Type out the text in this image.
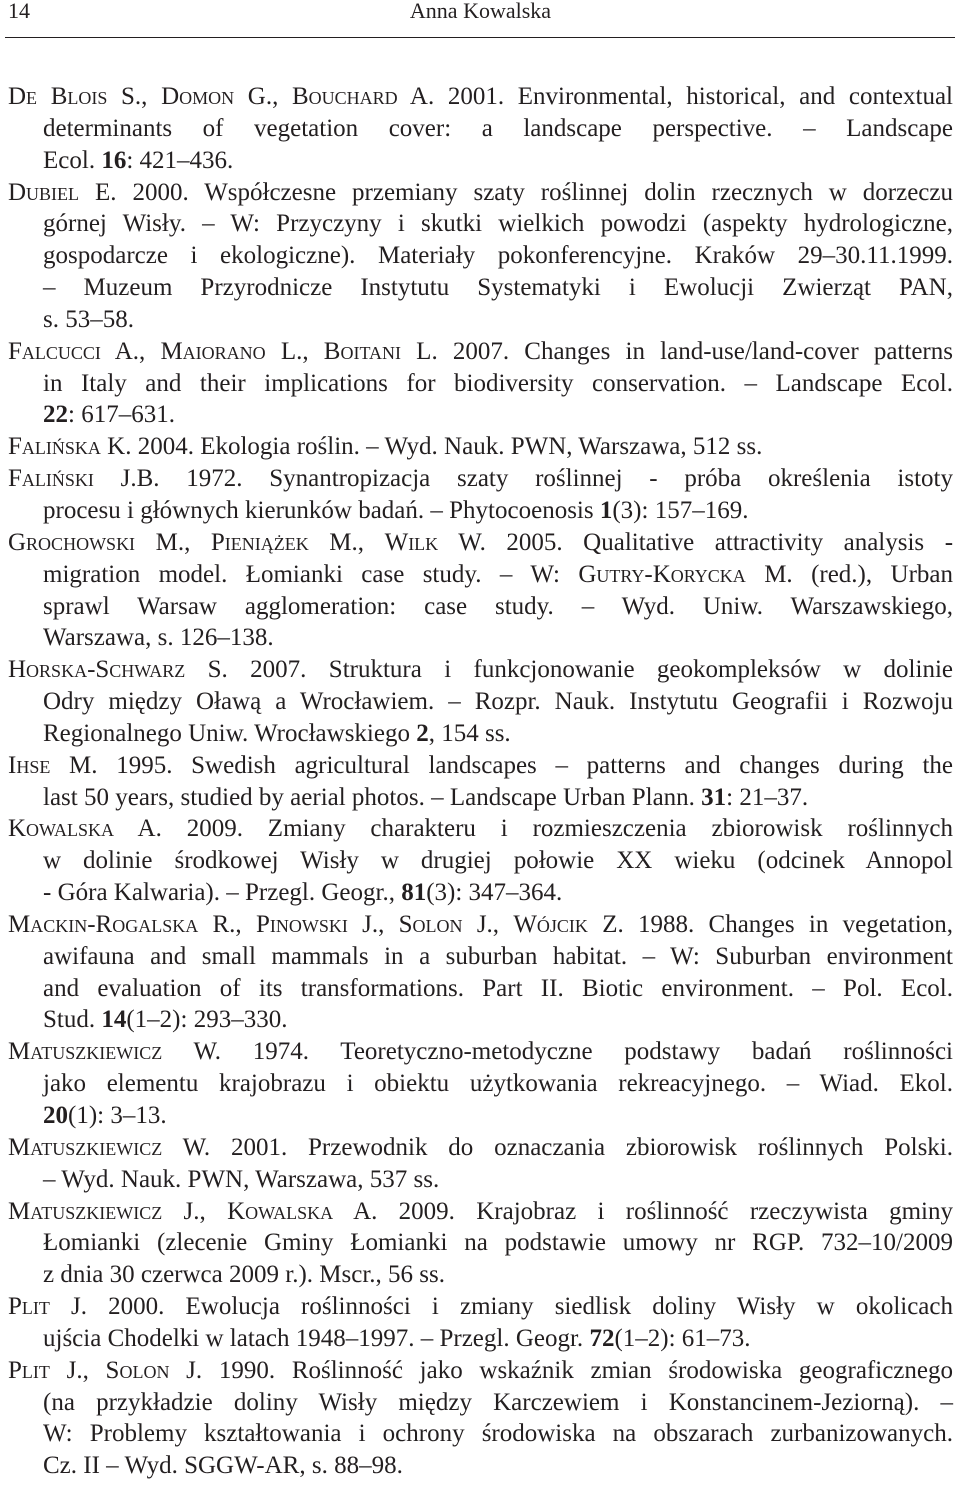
14	Anna Kowalska
De Blois S., Domon G., Bouchard A. 2001. Environmental, historical, and contextual
determinants of vegetation cover: a landscape perspective. – Landscape
Ecol. 16: 421–436.
Dubiel E. 2000. Współczesne przemiany szaty roślinnej dolin rzecznych w dorzeczu
górnej Wisły. – W: Przyczyny i skutki wielkich powodzi (aspekty hydrologiczne,
gospodarcze i ekologiczne). Materiały pokonferencyjne. Kraków 29–30.11.1999.
– Muzeum Przyrodnicze Instytutu Systematyki i Ewolucji Zwierząt PAN,
s. 53–58.
Falcucci A., Maiorano L., Boitani L. 2007. Changes in land-use/land-cover patterns
in Italy and their implications for biodiversity conservation. – Landscape Ecol.
22: 617–631.
Falińska K. 2004. Ekologia roślin. – Wyd. Nauk. PWN, Warszawa, 512 ss.
Faliński J.B. 1972. Synantropizacja szaty roślinnej - próba określenia istoty
procesu i głównych kierunków badań. – Phytocoenosis 1(3): 157–169.
Grochowski M., Pieniążek M., Wilk W. 2005. Qualitative attractivity analysis -
migration model. Łomianki case study. – W: Gutry-Korycka M. (red.), Urban
sprawl Warsaw agglomeration: case study. – Wyd. Uniw. Warszawskiego,
Warszawa, s. 126–138.
Horska-Schwarz S. 2007. Struktura i funkcjonowanie geokompleksów w dolinie
Odry między Oławą a Wrocławiem. – Rozpr. Nauk. Instytutu Geografii i Rozwoju
Regionalnego Uniw. Wrocławskiego 2, 154 ss.
Ihse M. 1995. Swedish agricultural landscapes – patterns and changes during the
last 50 years, studied by aerial photos. – Landscape Urban Plann. 31: 21–37.
Kowalska A. 2009. Zmiany charakteru i rozmieszczenia zbiorowisk roślinnych
w dolinie środkowej Wisły w drugiej połowie XX wieku (odcinek Annopol
- Góra Kalwaria). – Przegl. Geogr., 81(3): 347–364.
Mackin-Rogalska R., Pinowski J., Solon J., Wójcik Z. 1988. Changes in vegetation,
awifauna and small mammals in a suburban habitat. – W: Suburban environment
and evaluation of its transformations. Part II. Biotic environment. – Pol. Ecol.
Stud. 14(1–2): 293–330.
Matuszkiewicz W. 1974. Teoretyczno-metodyczne podstawy badań roślinności
jako elementu krajobrazu i obiektu użytkowania rekreacyjnego. – Wiad. Ekol.
20(1): 3–13.
Matuszkiewicz W. 2001. Przewodnik do oznaczania zbiorowisk roślinnych Polski.
– Wyd. Nauk. PWN, Warszawa, 537 ss.
Matuszkiewicz J., Kowalska A. 2009. Krajobraz i roślinność rzeczywista gminy
Łomianki (zlecenie Gminy Łomianki na podstawie umowy nr RGP. 732–10/2009
z dnia 30 czerwca 2009 r.). Mscr., 56 ss.
Plit J. 2000. Ewolucja roślinności i zmiany siedlisk doliny Wisły w okolicach
ujścia Chodelki w latach 1948–1997. – Przegl. Geogr. 72(1–2): 61–73.
Plit J., Solon J. 1990. Roślinność jako wskaźnik zmian środowiska geograficznego
(na przykładzie doliny Wisły między Karczewiem i Konstancinem-Jeziorną). –
W: Problemy kształtowania i ochrony środowiska na obszarach zurbanizowanych.
Cz. II – Wyd. SGGW-AR, s. 88–98.
